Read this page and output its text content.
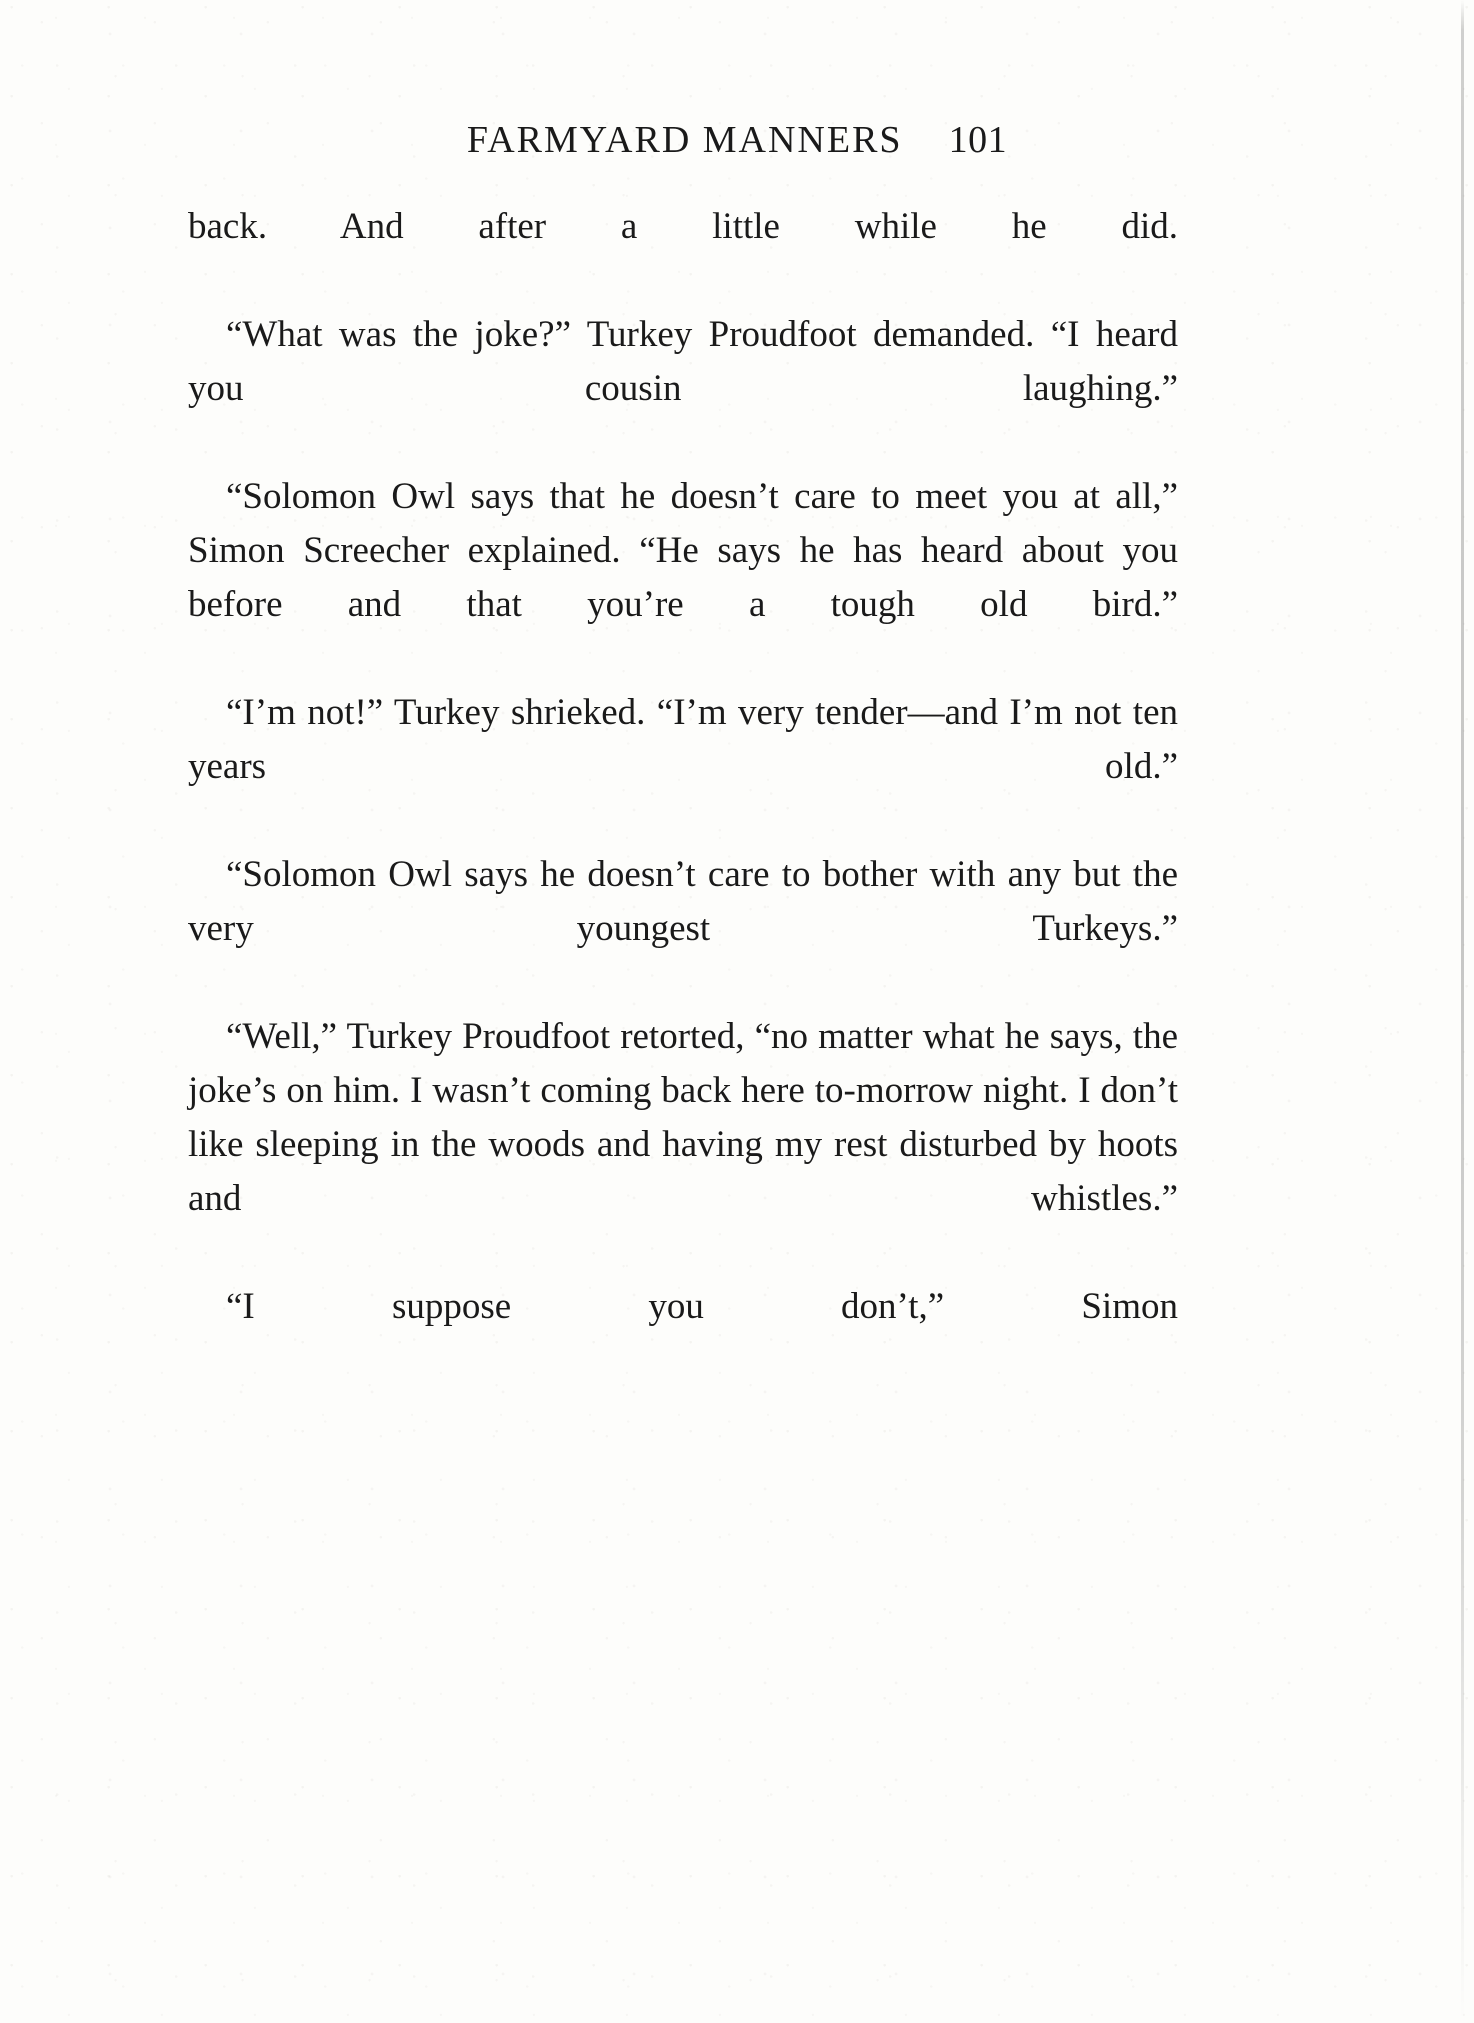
FARMYARD MANNERS 101

back. And after a little while he did.

“What was the joke?” Turkey Proudfoot demanded. “I heard you cousin laughing.”

“Solomon Owl says that he doesn’t care to meet you at all,” Simon Screecher explained. “He says he has heard about you before and that you’re a tough old bird.”

“I’m not!” Turkey shrieked. “I’m very tender—and I’m not ten years old.”

“Solomon Owl says he doesn’t care to bother with any but the very youngest Turkeys.”

“Well,” Turkey Proudfoot retorted, “no matter what he says, the joke’s on him. I wasn’t coming back here to-morrow night. I don’t like sleeping in the woods and having my rest disturbed by hoots and whistles.”

“I suppose you don’t,” Simon
